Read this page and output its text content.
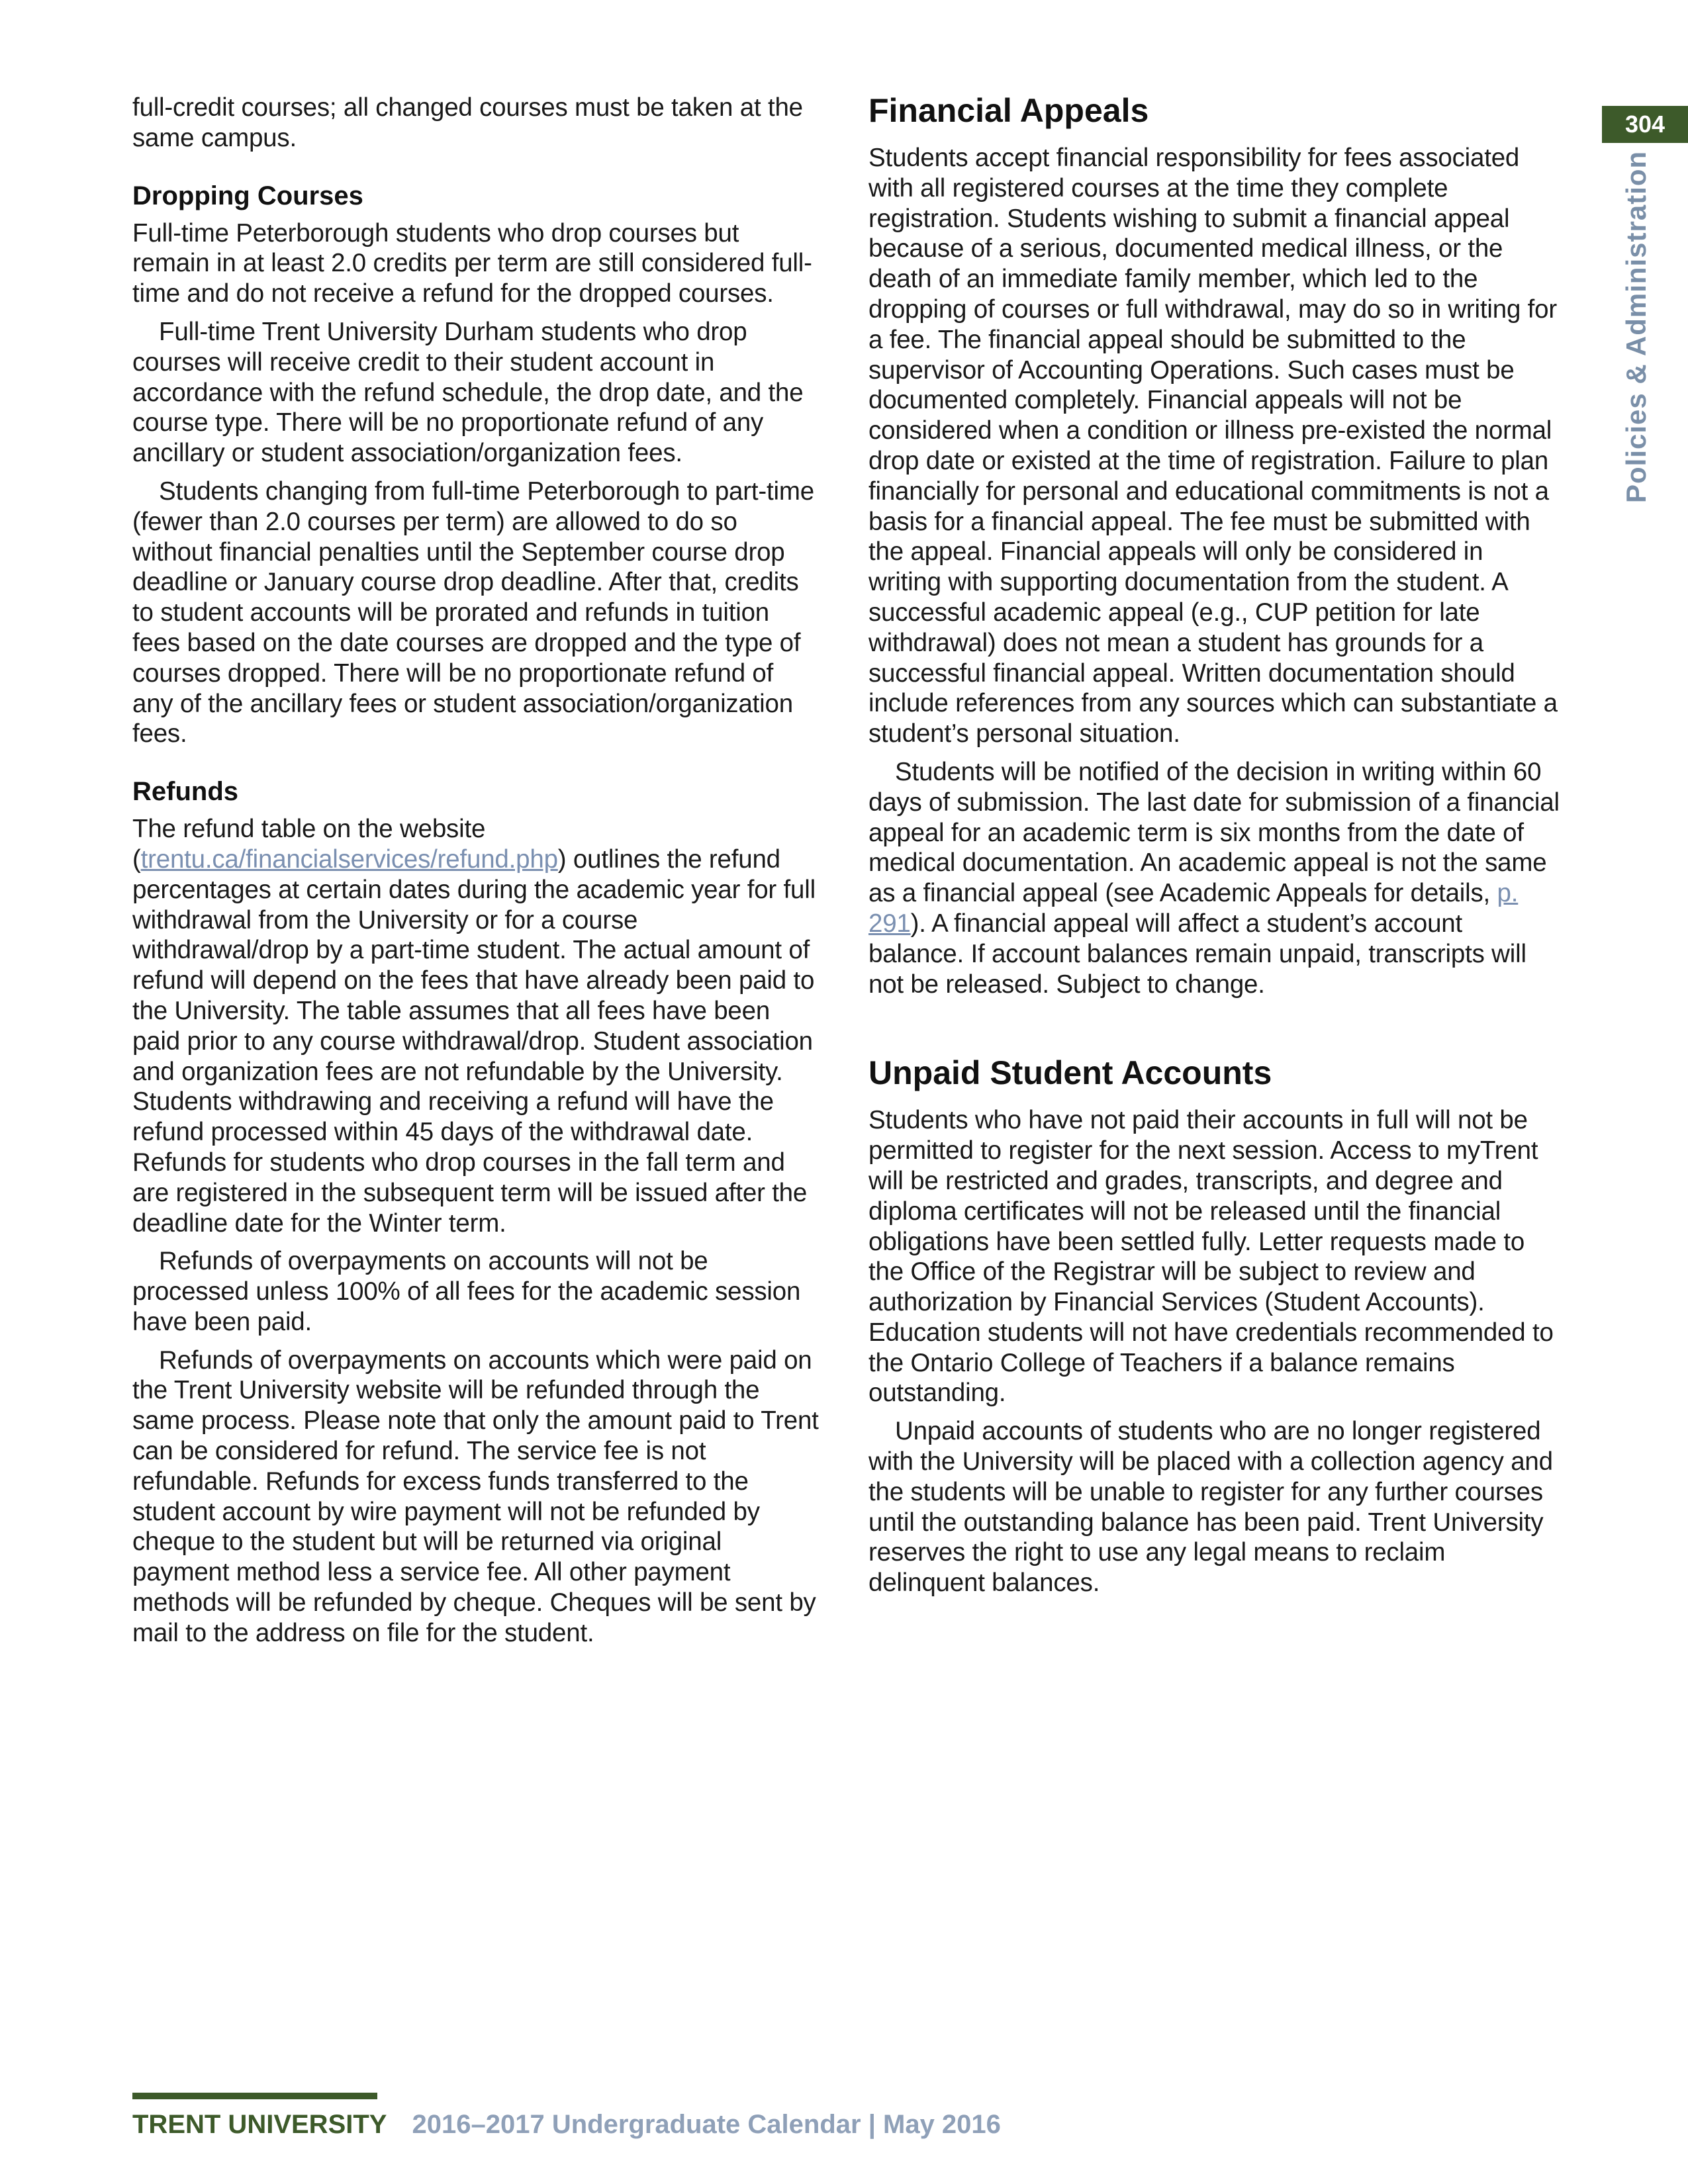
304
Policies & Administration

full-credit courses; all changed courses must be taken at the same campus.

Dropping Courses

Full-time Peterborough students who drop courses but remain in at least 2.0 credits per term are still considered full-time and do not receive a refund for the dropped courses.

Full-time Trent University Durham students who drop courses will receive credit to their student account in accordance with the refund schedule, the drop date, and the course type. There will be no proportionate refund of any ancillary or student association/organization fees.

Students changing from full-time Peterborough to part-time (fewer than 2.0 courses per term) are allowed to do so without financial penalties until the September course drop deadline or January course drop deadline. After that, credits to student accounts will be prorated and refunds in tuition fees based on the date courses are dropped and the type of courses dropped. There will be no proportionate refund of any of the ancillary fees or student association/organization fees.

Refunds

The refund table on the website (trentu.ca/financialservices/refund.php) outlines the refund percentages at certain dates during the academic year for full withdrawal from the University or for a course withdrawal/drop by a part-time student. The actual amount of refund will depend on the fees that have already been paid to the University. The table assumes that all fees have been paid prior to any course withdrawal/drop. Student association and organization fees are not refundable by the University. Students withdrawing and receiving a refund will have the refund processed within 45 days of the withdrawal date. Refunds for students who drop courses in the fall term and are registered in the subsequent term will be issued after the deadline date for the Winter term.

Refunds of overpayments on accounts will not be processed unless 100% of all fees for the academic session have been paid.

Refunds of overpayments on accounts which were paid on the Trent University website will be refunded through the same process. Please note that only the amount paid to Trent can be considered for refund. The service fee is not refundable. Refunds for excess funds transferred to the student account by wire payment will not be refunded by cheque to the student but will be returned via original payment method less a service fee. All other payment methods will be refunded by cheque. Cheques will be sent by mail to the address on file for the student.

Financial Appeals

Students accept financial responsibility for fees associated with all registered courses at the time they complete registration. Students wishing to submit a financial appeal because of a serious, documented medical illness, or the death of an immediate family member, which led to the dropping of courses or full withdrawal, may do so in writing for a fee. The financial appeal should be submitted to the supervisor of Accounting Operations. Such cases must be documented completely. Financial appeals will not be considered when a condition or illness pre-existed the normal drop date or existed at the time of registration. Failure to plan financially for personal and educational commitments is not a basis for a financial appeal. The fee must be submitted with the appeal. Financial appeals will only be considered in writing with supporting documentation from the student. A successful academic appeal (e.g., CUP petition for late withdrawal) does not mean a student has grounds for a successful financial appeal. Written documentation should include references from any sources which can substantiate a student’s personal situation.

Students will be notified of the decision in writing within 60 days of submission. The last date for submission of a financial appeal for an academic term is six months from the date of medical documentation. An academic appeal is not the same as a financial appeal (see Academic Appeals for details, p. 291). A financial appeal will affect a student’s account balance. If account balances remain unpaid, transcripts will not be released. Subject to change.

Unpaid Student Accounts

Students who have not paid their accounts in full will not be permitted to register for the next session. Access to myTrent will be restricted and grades, transcripts, and degree and diploma certificates will not be released until the financial obligations have been settled fully. Letter requests made to the Office of the Registrar will be subject to review and authorization by Financial Services (Student Accounts). Education students will not have credentials recommended to the Ontario College of Teachers if a balance remains outstanding.

Unpaid accounts of students who are no longer registered with the University will be placed with a collection agency and the students will be unable to register for any further courses until the outstanding balance has been paid. Trent University reserves the right to use any legal means to reclaim delinquent balances.

TRENT UNIVERSITY 2016–2017 Undergraduate Calendar | May 2016
